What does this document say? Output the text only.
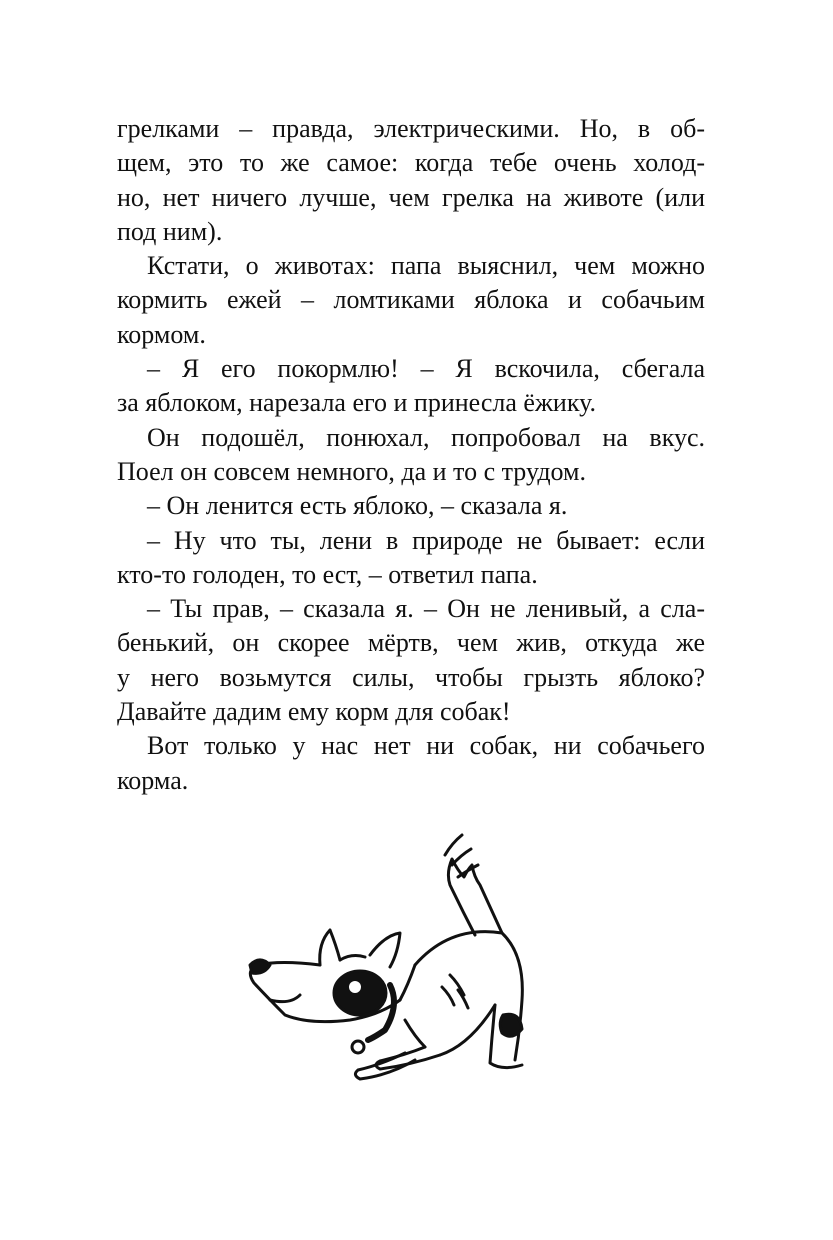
грелками – правда, электрическими. Но, в об-
щем, это то же самое: когда тебе очень холод-
но, нет ничего лучше, чем грелка на животе (или
под ним).
Кстати, о животах: папа выяснил, чем можно
кормить ежей – ломтиками яблока и собачьим
кормом.
– Я его покормлю! – Я вскочила, сбегала
за яблоком, нарезала его и принесла ёжику.
Он подошёл, понюхал, попробовал на вкус.
Поел он совсем немного, да и то с трудом.
– Он ленится есть яблоко, – сказала я.
– Ну что ты, лени в природе не бывает: если
кто-то голоден, то ест, – ответил папа.
– Ты прав, – сказала я. – Он не ленивый, а сла-
бенький, он скорее мёртв, чем жив, откуда же
у него возьмутся силы, чтобы грызть яблоко?
Давайте дадим ему корм для собак!
Вот только у нас нет ни собак, ни собачьего
корма.
